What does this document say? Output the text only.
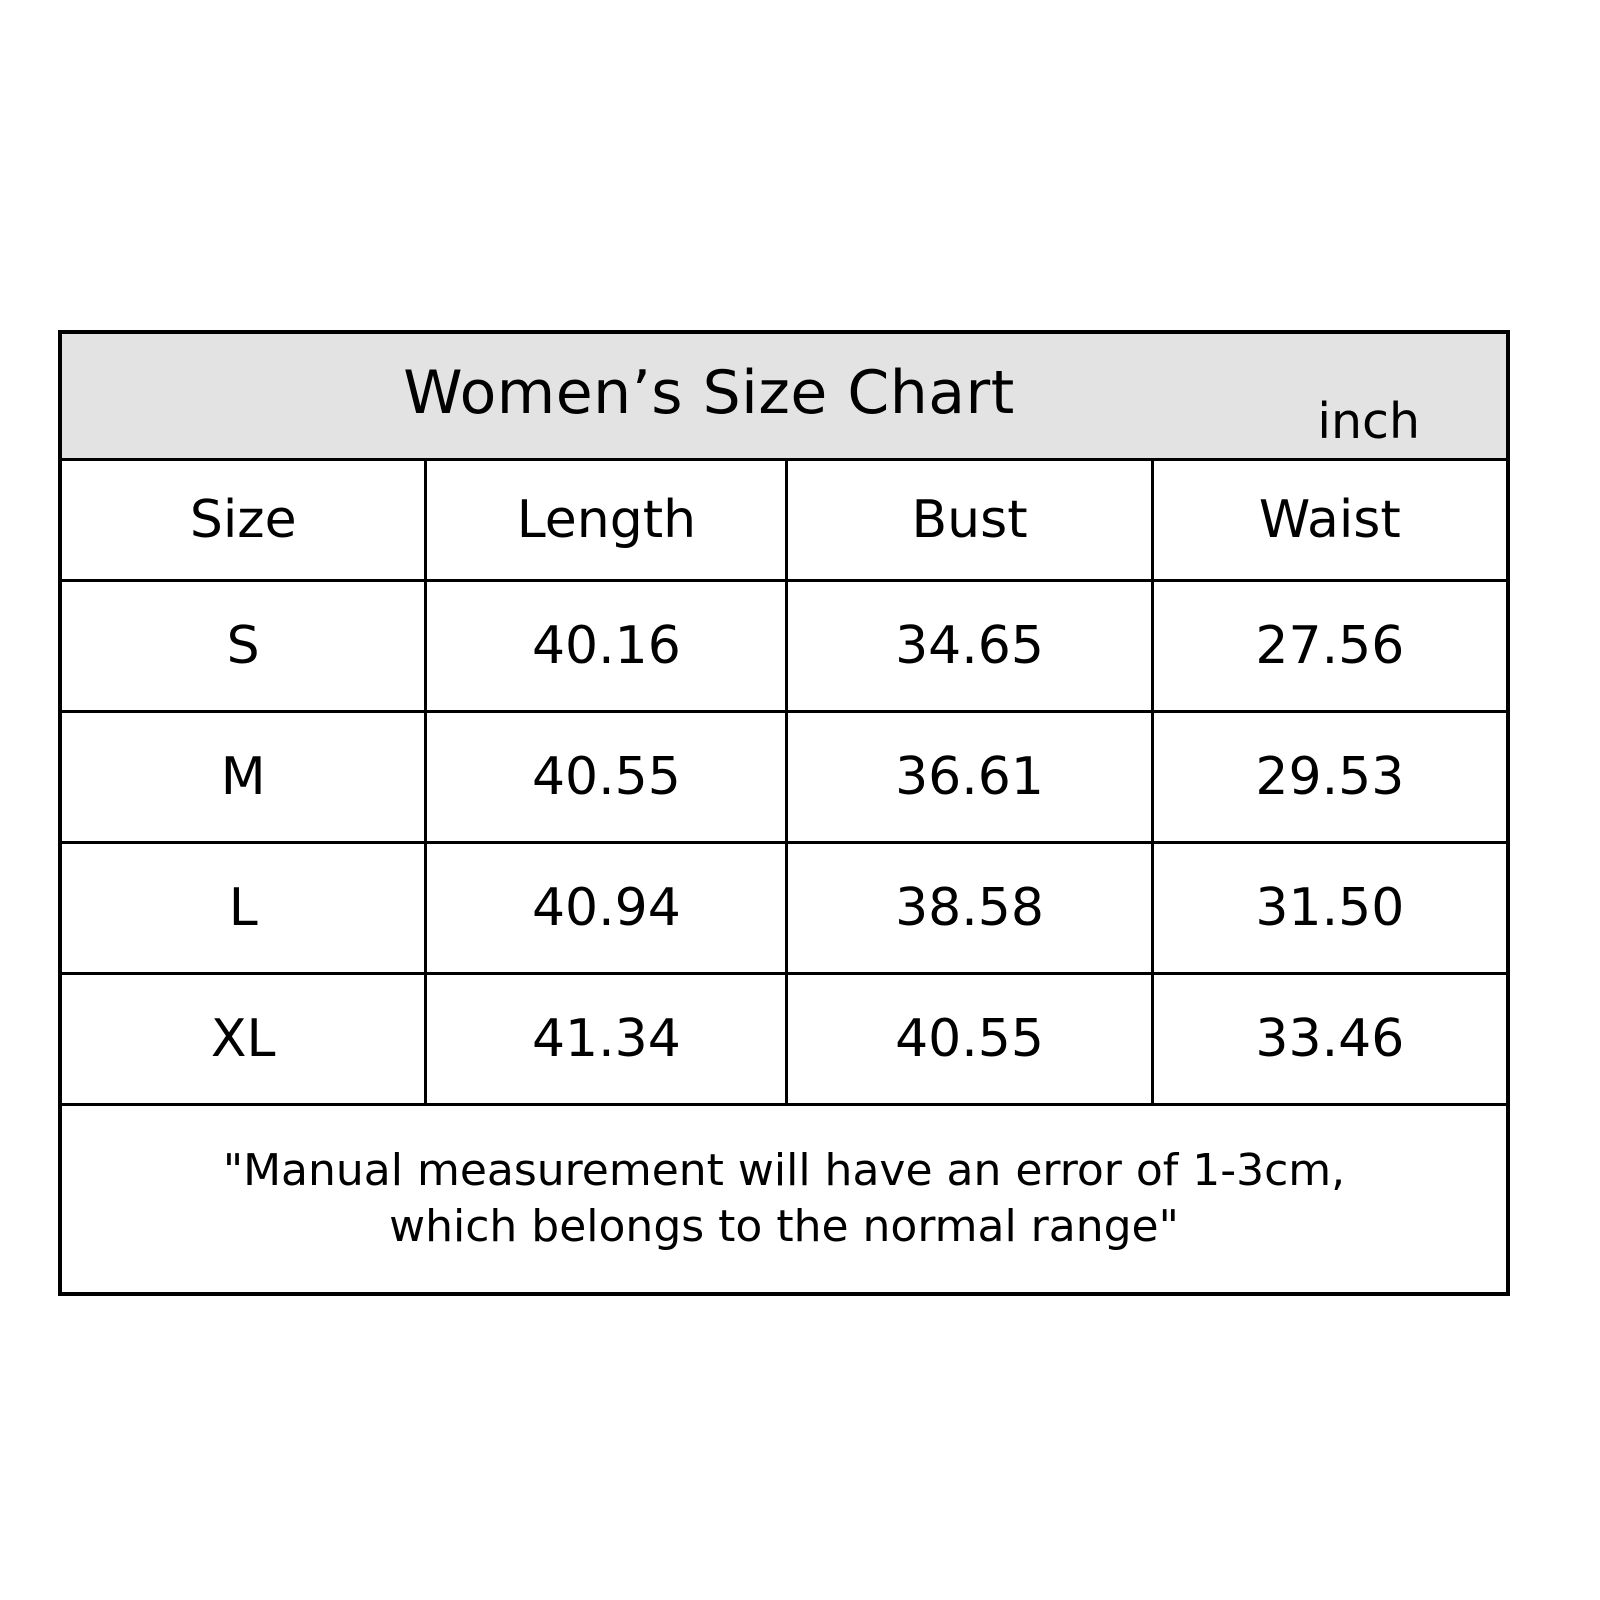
Women’s Size Chart inch			

Size	Length	Bust	Waist
S	40.16	34.65	27.56
M	40.55	36.61	29.53
L	40.94	38.58	31.50
XL	41.34	40.55	33.46

"Manual measurement will have an error of 1-3cm,
which belongs to the normal range"			
